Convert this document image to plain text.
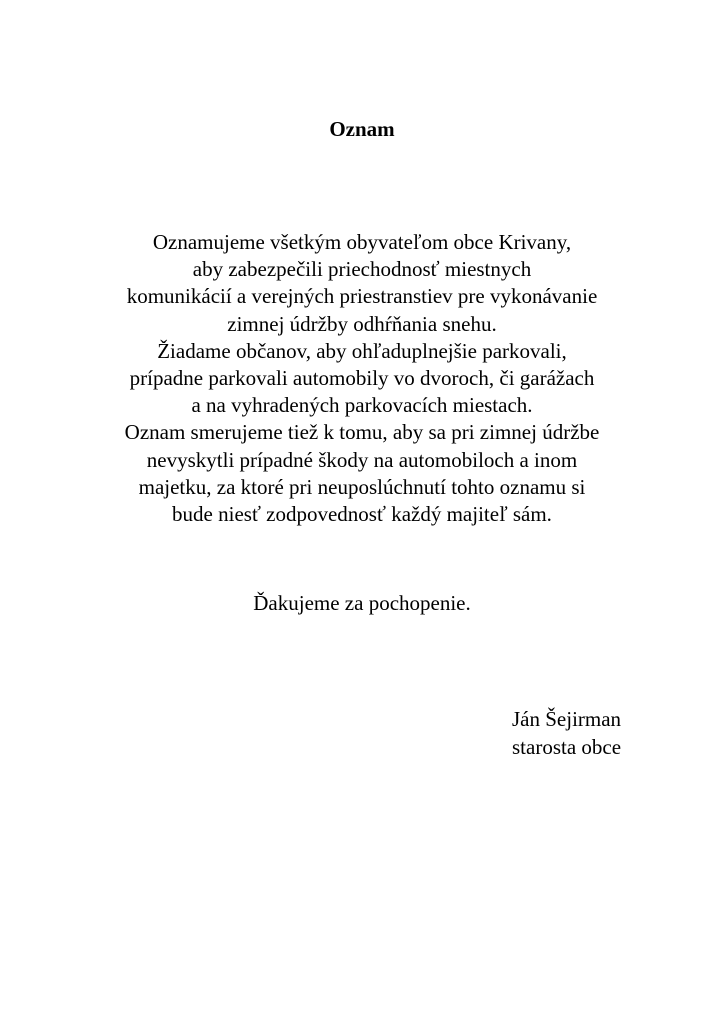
Oznam
Oznamujeme všetkým obyvateľom obce Krivany,
aby zabezpečili priechodnosť miestnych
komunikácií a verejných priestranstiev pre vykonávanie
zimnej údržby odhŕňania snehu.
Žiadame občanov, aby ohľaduplnejšie parkovali,
prípadne parkovali automobily vo dvoroch, či garážach
a na vyhradených parkovacích miestach.
Oznam smerujeme tiež k tomu, aby sa pri zimnej údržbe
nevyskytli prípadné škody na automobiloch a inom
majetku, za ktoré pri neuposlúchnutí tohto oznamu si
bude niesť zodpovednosť každý majiteľ sám.
Ďakujeme za pochopenie.
Ján Šejirman
starosta obce
